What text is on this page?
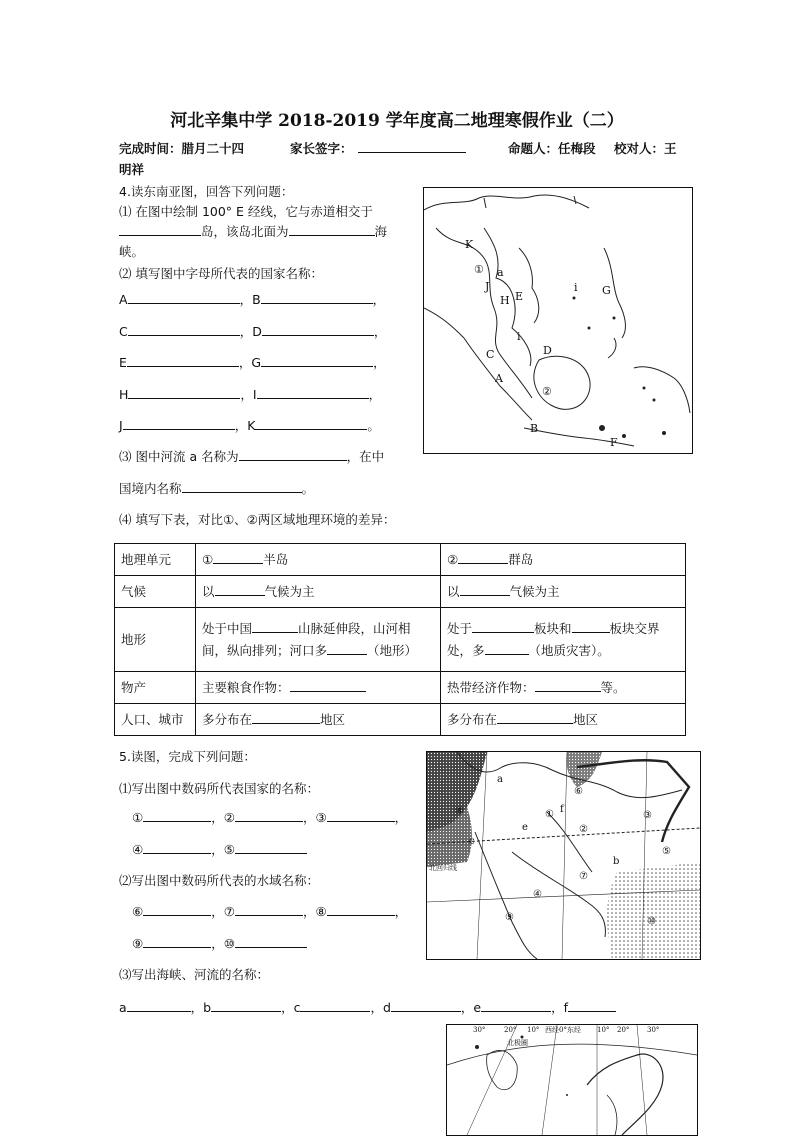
河北辛集中学 2018-2019 学年度高二地理寒假作业（二）
完成时间：腊月二十四	家长签字：	命题人：任梅段 校对人：王
明祥
4.读东南亚图，回答下列问题：
⑴ 在图中绘制 100° E 经线，它与赤道相交于
岛，该岛北面为	海
峡。
⑵ 填写图中字母所代表的国家名称：
A	，B	，
C	，D	，
E	，G	，
H	，I	，
J	，K	。
⑶ 图中河流 a 名称为	，在中
国境内名称	。
⑷ 填写下表，对比①、②两区域地理环境的差异：
K
① a
J
H E
i G
i
C	D
A
②
B
F
地理单元	① 半岛	② 群岛
气候	以 气候为主	以 气候为主
地形	处于中国 山脉延伸段，山河相间，纵向排列；河口多 （地形）	处于 板块和 板块交界处，多 （地质灾害）。
物产	主要粮食作物：	热带经济作物： 等。
人口、城市	多分布在 地区	多分布在 地区
5.读图，完成下列问题：
⑴写出图中数码所代表国家的名称：
①	，②	，③	，
④	，⑤
⑵写出图中数码所代表的水域名称：
⑥	，⑦	，⑧	，
⑨	，⑩
⑶写出海峡、河流的名称：
a	，b	，c	，d	，e	，f
⑧
⑥
①
②
③
④
⑤
⑦
⑨	⑩
c
e
f
b
a
北回归线
30°	20° 10° 西经0°东经 10° 20°	30°
北极圈
